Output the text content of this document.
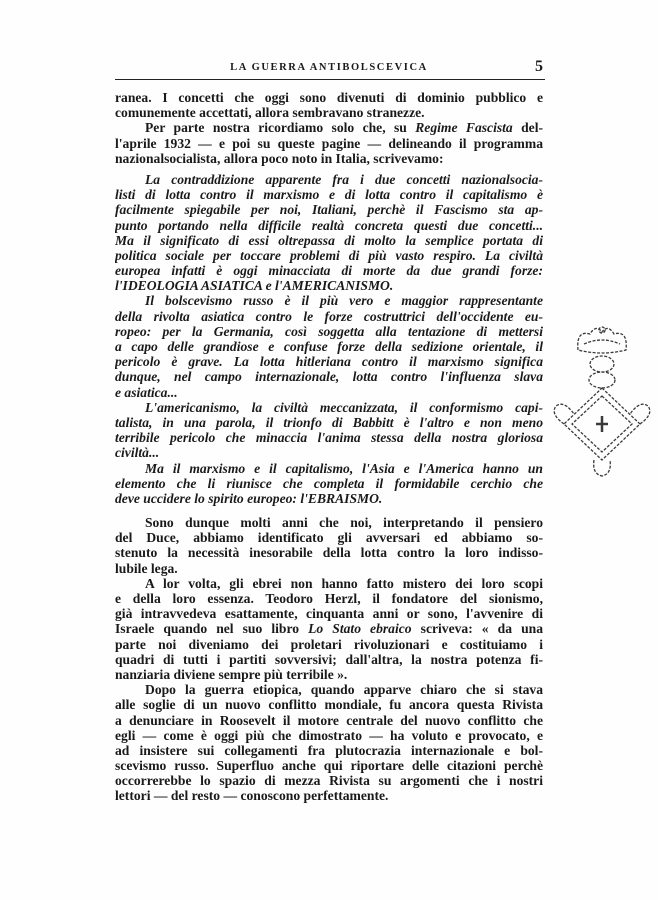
LA GUERRA ANTIBOLSCEVICA	5
ranea. I concetti che oggi sono divenuti di dominio pubblico e
comunemente accettati, allora sembravano stranezze.
Per parte nostra ricordiamo solo che, su Regime Fascista del-
l'aprile 1932 — e poi su queste pagine — delineando il programma
nazionalsocialista, allora poco noto in Italia, scrivevamo:
La contraddizione apparente fra i due concetti nazionalsocia-
listi di lotta contro il marxismo e di lotta contro il capitalismo è
facilmente spiegabile per noi, Italiani, perchè il Fascismo sta ap-
punto portando nella difficile realtà concreta questi due concetti...
Ma il significato di essi oltrepassa di molto la semplice portata di
politica sociale per toccare problemi di più vasto respiro. La civiltà
europea infatti è oggi minacciata di morte da due grandi forze:
l'IDEOLOGIA ASIATICA e l'AMERICANISMO.
Il bolscevismo russo è il più vero e maggior rappresentante
della rivolta asiatica contro le forze costruttrici dell'occidente eu-
ropeo: per la Germania, così soggetta alla tentazione di mettersi
a capo delle grandiose e confuse forze della sedizione orientale, il
pericolo è grave. La lotta hitleriana contro il marxismo significa
dunque, nel campo internazionale, lotta contro l'influenza slava
e asiatica...
L'americanismo, la civiltà meccanizzata, il conformismo capi-
talista, in una parola, il trionfo di Babbitt è l'altro e non meno
terribile pericolo che minaccia l'anima stessa della nostra gloriosa
civiltà...
Ma il marxismo e il capitalismo, l'Asia e l'America hanno un
elemento che li riunisce che completa il formidabile cerchio che
deve uccidere lo spirito europeo: l'EBRAISMO.
Sono dunque molti anni che noi, interpretando il pensiero
del Duce, abbiamo identificato gli avversari ed abbiamo so-
stenuto la necessità inesorabile della lotta contro la loro indisso-
lubile lega.
A lor volta, gli ebrei non hanno fatto mistero dei loro scopi
e della loro essenza. Teodoro Herzl, il fondatore del sionismo,
già intravvedeva esattamente, cinquanta anni or sono, l'avvenire di
Israele quando nel suo libro Lo Stato ebraico scriveva: « da una
parte noi diveniamo dei proletari rivoluzionari e costituiamo i
quadri di tutti i partiti sovversivi; dall'altra, la nostra potenza fi-
nanziaria diviene sempre più terribile ».
Dopo la guerra etiopica, quando apparve chiaro che si stava
alle soglie di un nuovo conflitto mondiale, fu ancora questa Rivista
a denunciare in Roosevelt il motore centrale del nuovo conflitto che
egli — come è oggi più che dimostrato — ha voluto e provocato, e
ad insistere sui collegamenti fra plutocrazia internazionale e bol-
scevismo russo. Superfluo anche qui riportare delle citazioni perchè
occorrerebbe lo spazio di mezza Rivista su argomenti che i nostri
lettori — del resto — conoscono perfettamente.
